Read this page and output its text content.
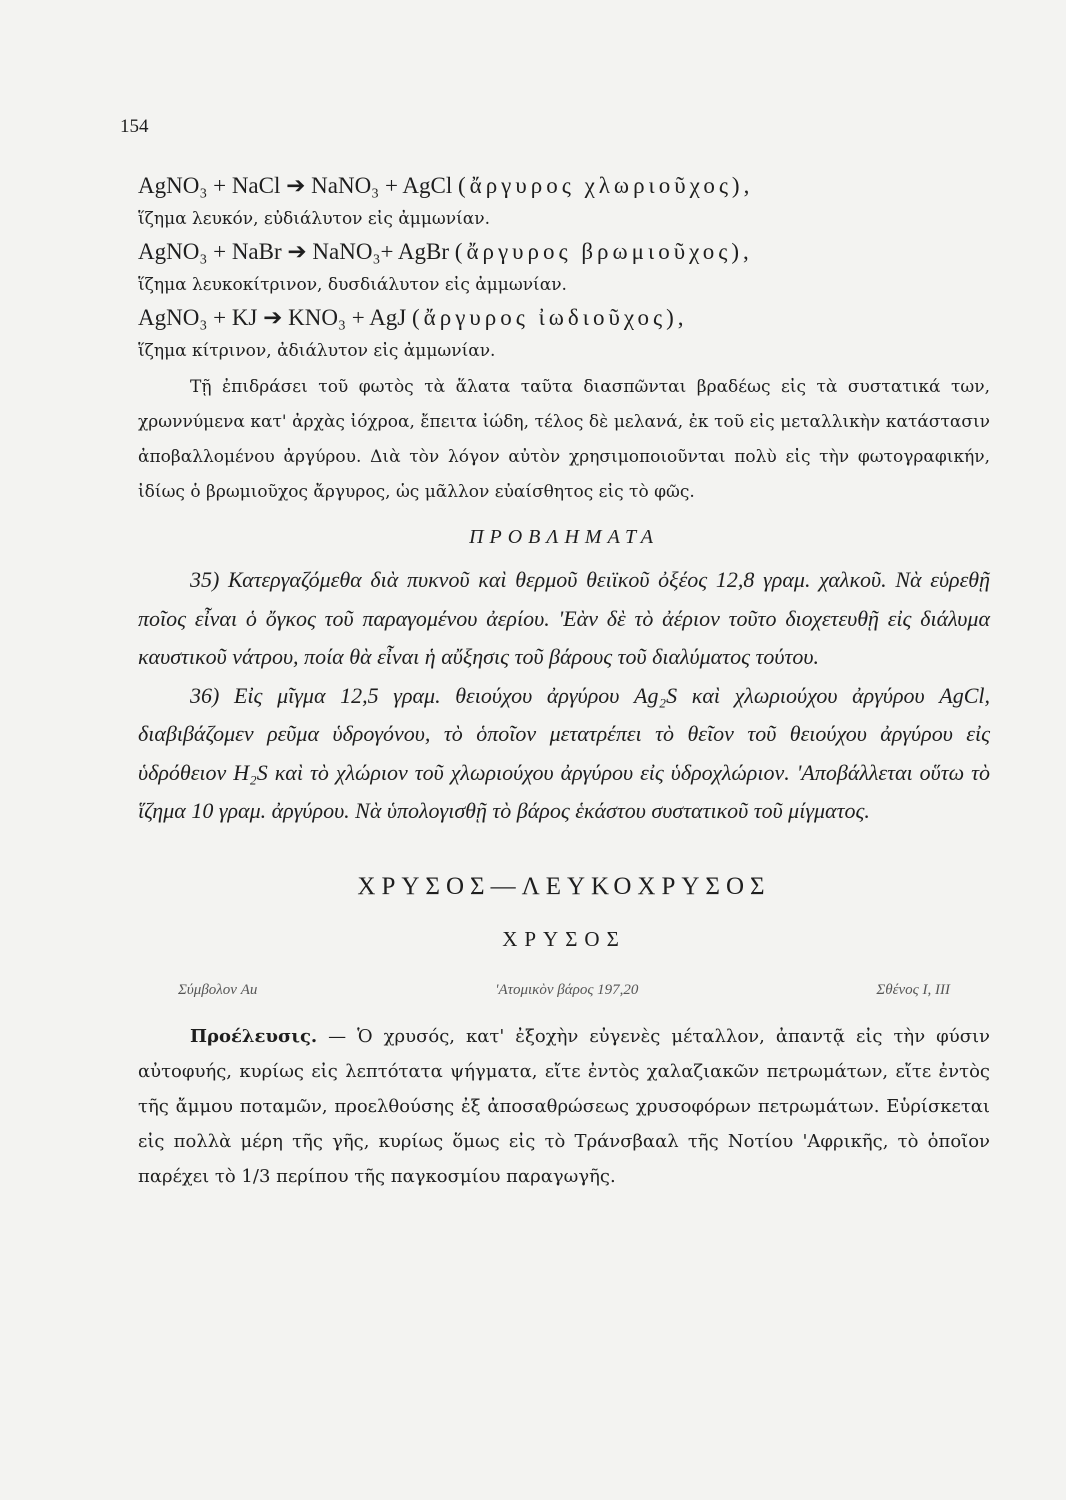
154
AgNO₃ + NaCl ➔ NaNO₃ + AgCl (ἄργυρος χλωριοῦχος),
ἵζημα λευκόν, εὐδιάλυτον εἰς ἀμμωνίαν.
AgNO₃ + NaBr ➔ NaNO₃+ AgBr (ἄργυρος βρωμιοῦχος),
ἵζημα λευκοκίτρινον, δυσδιάλυτον εἰς ἀμμωνίαν.
AgNO₃ + KJ ➔ KNO₃ + AgJ (ἄργυρος ἰωδιοῦχος),
ἵζημα κίτρινον, ἀδιάλυτον εἰς ἀμμωνίαν.

Τῇ ἐπιδράσει τοῦ φωτὸς τὰ ἅλατα ταῦτα διασπῶνται βραδέως εἰς τὰ συστατικά των, χρωννύμενα κατ' ἀρχὰς ἰόχροα, ἔπειτα ἰώδη, τέλος δὲ μελανά, ἐκ τοῦ εἰς μεταλλικὴν κατάστασιν ἀποβαλλομένου ἀργύρου. Διὰ τὸν λόγον αὐτὸν χρησιμοποιοῦνται πολὺ εἰς τὴν φωτογραφικήν, ἰδίως ὁ βρωμιοῦχος ἄργυρος, ὡς μᾶλλον εὐαίσθητος εἰς τὸ φῶς.

ΠΡΟΒΛΗΜΑΤΑ

35) Κατεργαζόμεθα διὰ πυκνοῦ καὶ θερμοῦ θειϊκοῦ ὀξέος 12,8 γραμ. χαλκοῦ. Νὰ εὑρεθῇ ποῖος εἶναι ὁ ὄγκος τοῦ παραγομένου ἀερίου. 'Εὰν δὲ τὸ ἀέριον τοῦτο διοχετευθῇ εἰς διάλυμα καυστικοῦ νάτρου, ποία θὰ εἶναι ἡ αὔξησις τοῦ βάρους τοῦ διαλύματος τούτου.

36) Εἰς μῖγμα 12,5 γραμ. θειούχου ἀργύρου Ag₂S καὶ χλωριούχου ἀργύρου AgCl, διαβιβάζομεν ρεῦμα ὑδρογόνου, τὸ ὁποῖον μετατρέπει τὸ θεῖον τοῦ θειούχου ἀργύρου εἰς ὑδρόθειον H₂S καὶ τὸ χλώριον τοῦ χλωριούχου ἀργύρου εἰς ὑδροχλώριον. 'Αποβάλλεται οὕτω τὸ ἵζημα 10 γραμ. ἀργύρου. Νὰ ὑπολογισθῇ τὸ βάρος ἑκάστου συστατικοῦ τοῦ μίγματος.

ΧΡΥΣΟΣ—ΛΕΥΚΟΧΡΥΣΟΣ
ΧΡΥΣΟΣ
Σύμβολον Au	'Ατομικὸν βάρος 197,20	Σθένος I, III

Προέλευσις. — Ὁ χρυσός, κατ' ἐξοχὴν εὐγενὲς μέταλλον, ἀπαντᾷ εἰς τὴν φύσιν αὐτοφυής, κυρίως εἰς λεπτότατα ψήγματα, εἴτε ἐντὸς χαλαζιακῶν πετρωμάτων, εἴτε ἐντὸς τῆς ἄμμου ποταμῶν, προελθούσης ἐξ ἀποσαθρώσεως χρυσοφόρων πετρωμάτων. Εὑρίσκεται εἰς πολλὰ μέρη τῆς γῆς, κυρίως ὅμως εἰς τὸ Τράνσβααλ τῆς Νοτίου 'Αφρικῆς, τὸ ὁποῖον παρέχει τὸ 1/3 περίπου τῆς παγκοσμίου παραγωγῆς.
